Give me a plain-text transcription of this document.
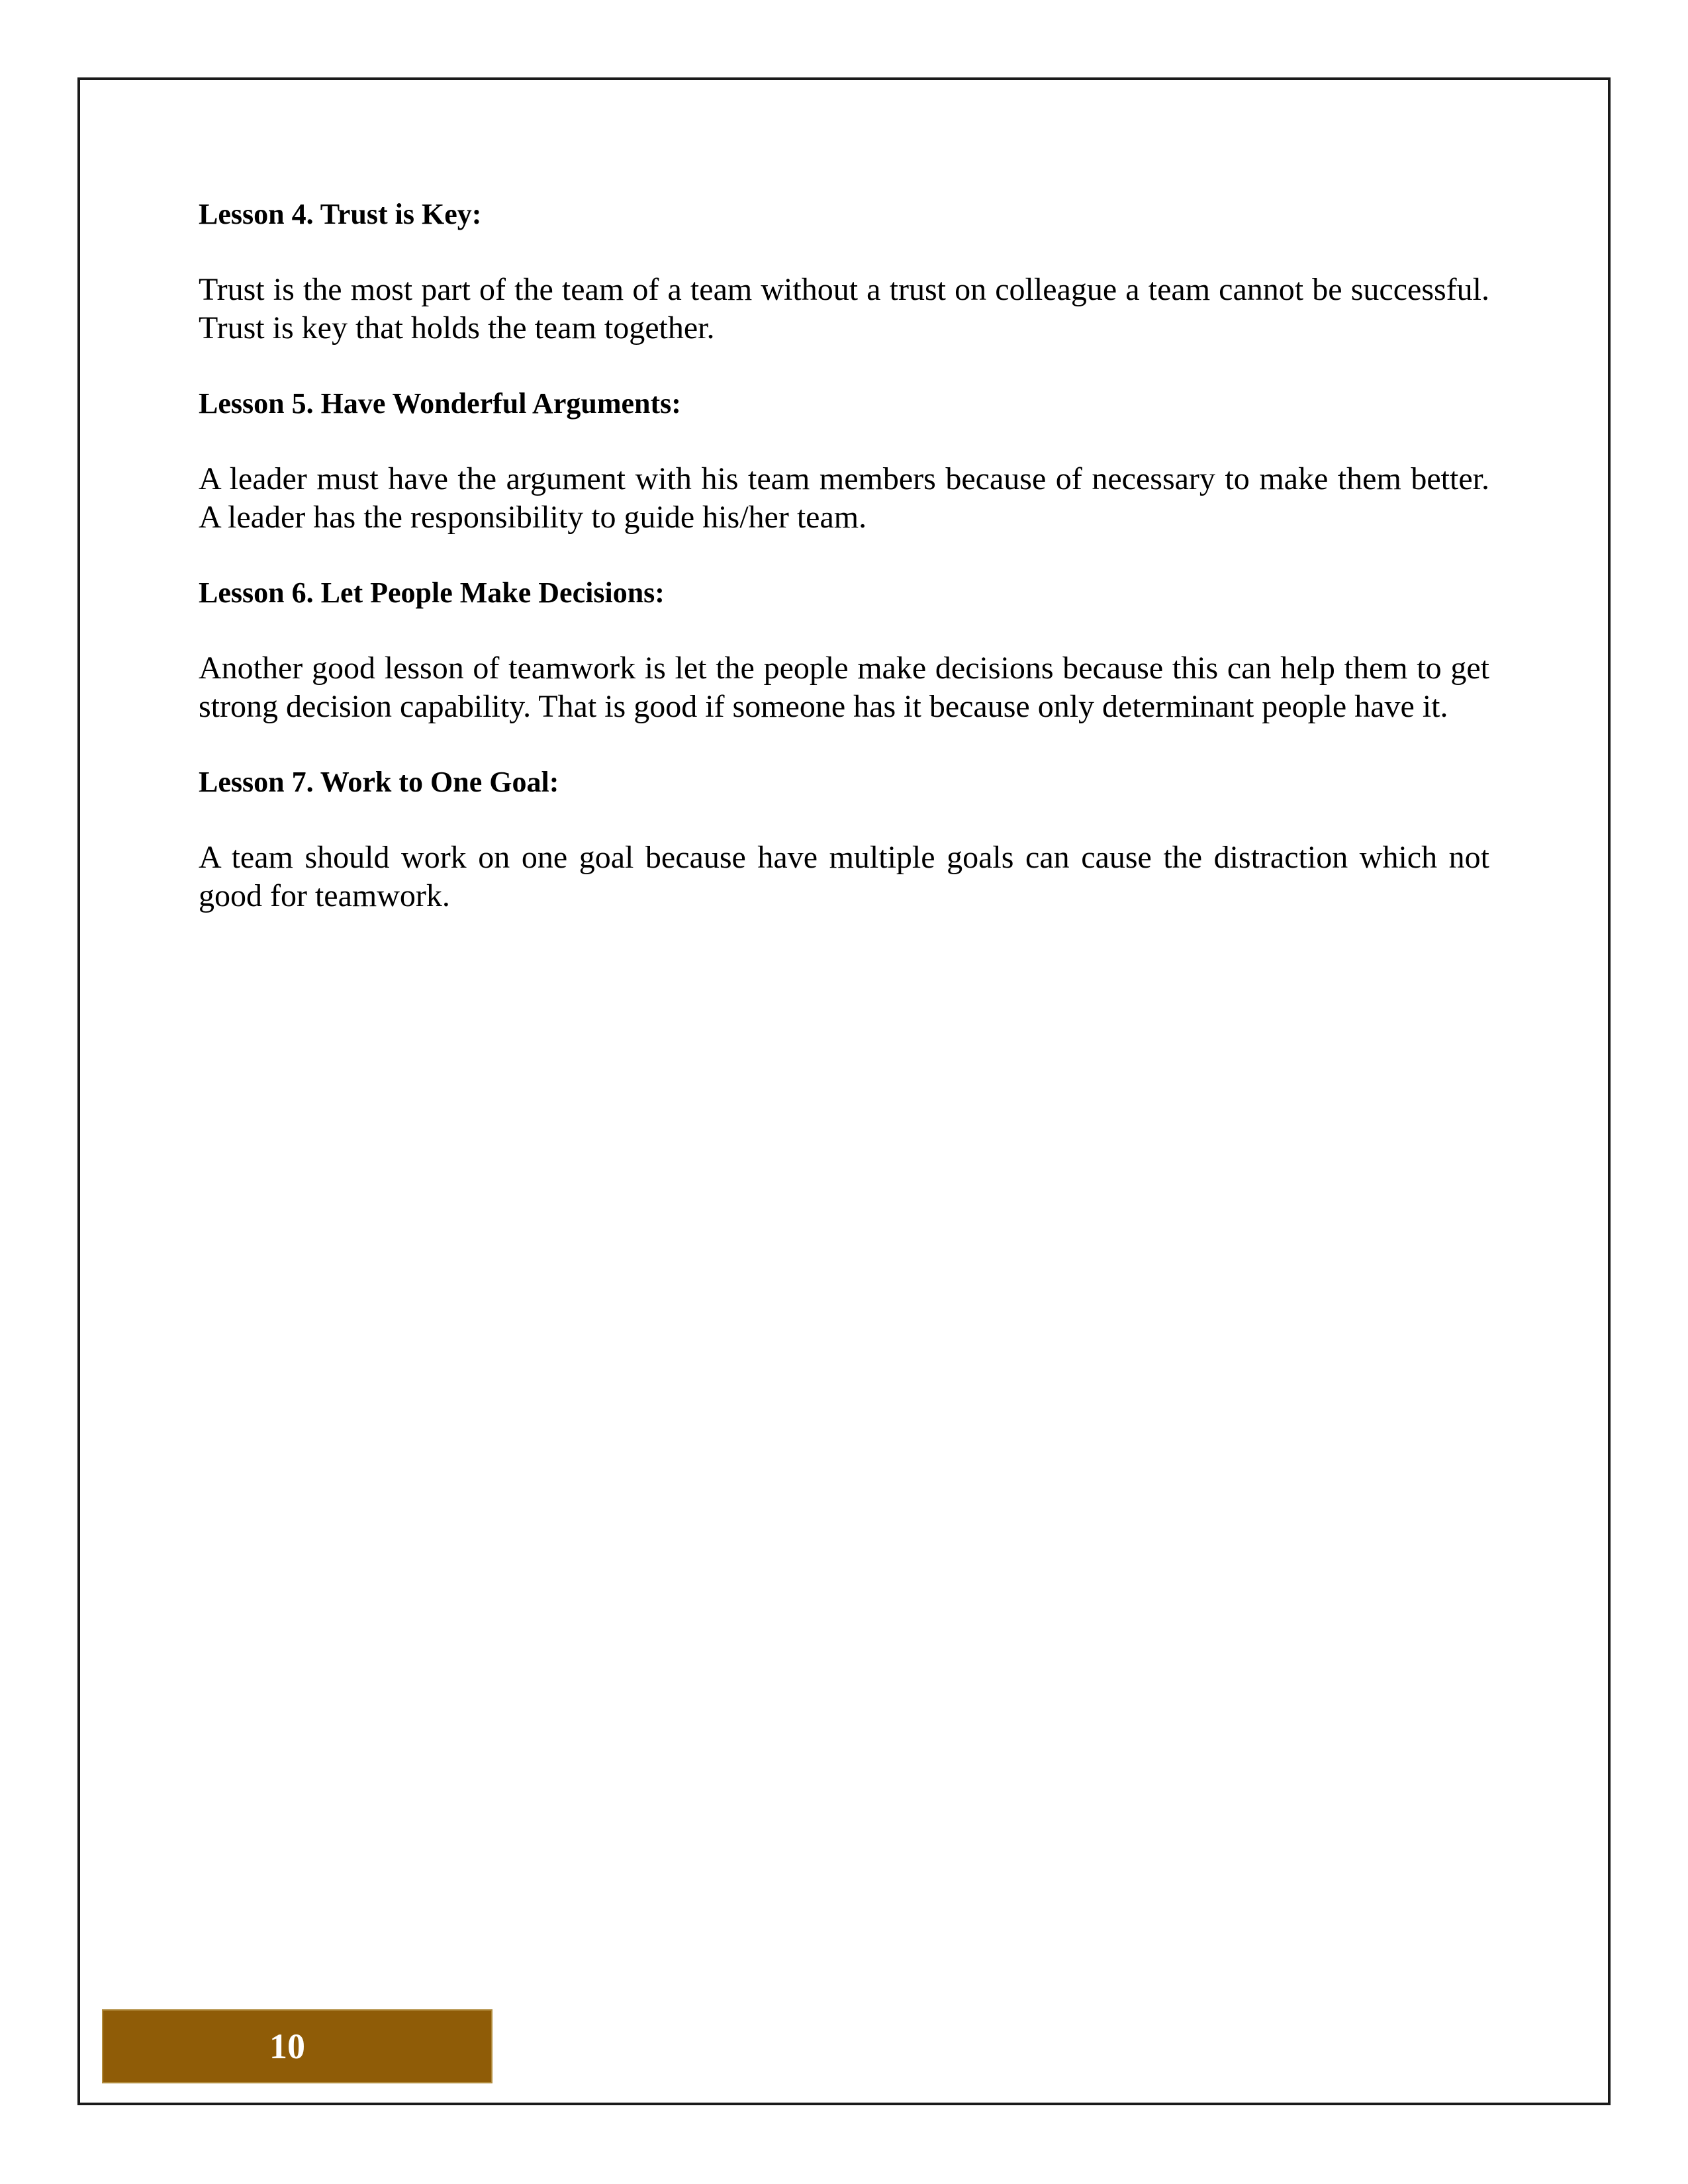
Lesson 4. Trust is Key:

Trust is the most part of the team of a team without a trust on colleague a team cannot be successful. Trust is key that holds the team together.

Lesson 5. Have Wonderful Arguments:

A leader must have the argument with his team members because of necessary to make them better. A leader has the responsibility to guide his/her team.

Lesson 6. Let People Make Decisions:

Another good lesson of teamwork is let the people make decisions because this can help them to get strong decision capability. That is good if someone has it because only determinant people have it.

Lesson 7. Work to One Goal:

A team should work on one goal because have multiple goals can cause the distraction which not good for teamwork.

10
